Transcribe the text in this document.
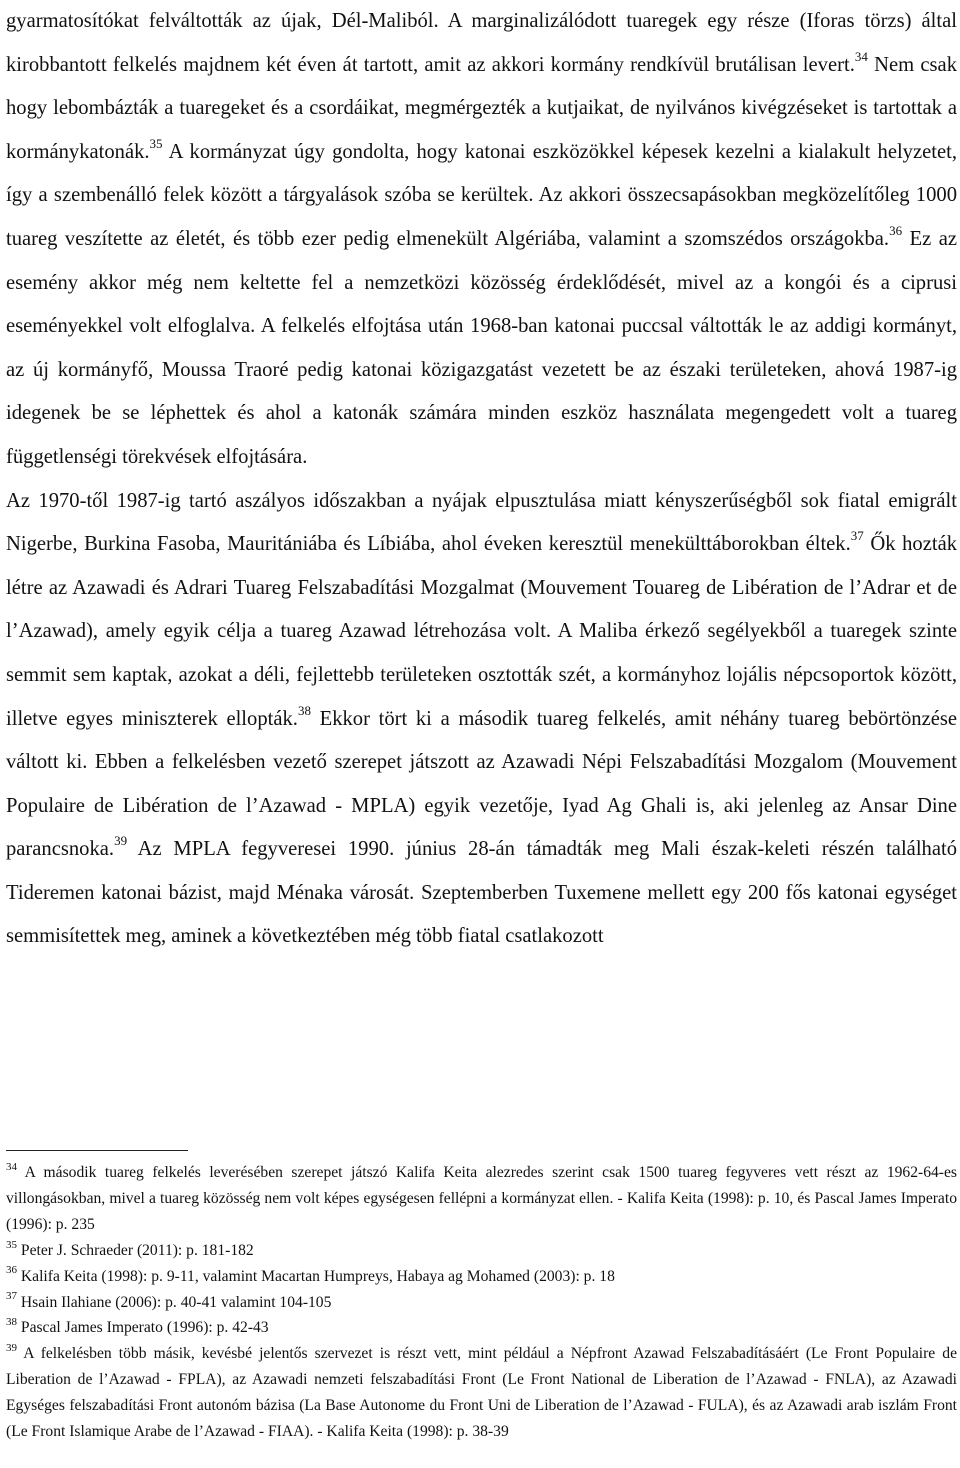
gyarmatosítókat felváltották az újak, Dél-Maliból. A marginalizálódott tuaregek egy része (Iforas törzs) által kirobbantott felkelés majdnem két éven át tartott, amit az akkori kormány rendkívül brutálisan levert.$^{34}$ Nem csak hogy lebombázták a tuaregeket és a csordáikat, megmérgezték a kutjaikat, de nyilvános kivégzéseket is tartottak a kormánykatonák.$^{35}$ A kormányzat úgy gondolta, hogy katonai eszközökkel képesek kezelni a kialakult helyzetet, így a szembenálló felek között a tárgyalások szóba se kerültek. Az akkori összecsapásokban megközelítőleg 1000 tuareg veszítette az életét, és több ezer pedig elmenekült Algériába, valamint a szomszédos országokba.$^{36}$ Ez az esemény akkor még nem keltette fel a nemzetközi közösség érdeklődését, mivel az a kongói és a ciprusi eseményekkel volt elfoglalva. A felkelés elfojtása után 1968-ban katonai puccsal váltották le az addigi kormányt, az új kormányfő, Moussa Traoré pedig katonai közigazgatást vezetett be az északi területeken, ahová 1987-ig idegenek be se léphettek és ahol a katonák számára minden eszköz használata megengedett volt a tuareg függetlenségi törekvések elfojtására.

Az 1970-től 1987-ig tartó aszályos időszakban a nyájak elpusztulása miatt kényszerűségből sok fiatal emigrált Nigerbe, Burkina Fasoba, Mauritániába és Líbiába, ahol éveken keresztül menekülttáborokban éltek.$^{37}$ Ők hozták létre az Azawadi és Adrari Tuareg Felszabadítási Mozgalmat (Mouvement Touareg de Libération de l’Adrar et de l’Azawad), amely egyik célja a tuareg Azawad létrehozása volt. A Maliba érkező segélyekből a tuaregek szinte semmit sem kaptak, azokat a déli, fejlettebb területeken osztották szét, a kormányhoz lojális népcsoportok között, illetve egyes miniszterek ellopták.$^{38}$ Ekkor tört ki a második tuareg felkelés, amit néhány tuareg bebörtönzése váltott ki. Ebben a felkelésben vezető szerepet játszott az Azawadi Népi Felszabadítási Mozgalom (Mouvement Populaire de Libération de l’Azawad - MPLA) egyik vezetője, Iyad Ag Ghali is, aki jelenleg az Ansar Dine parancsnoka.$^{39}$ Az MPLA fegyveresei 1990. június 28-án támadták meg Mali észak-keleti részén található Tideremen katonai bázist, majd Ménaka városát. Szeptemberben Tuxemene mellett egy 200 fős katonai egységet semmisítettek meg, aminek a következtében még több fiatal csatlakozott

$^{34}$ A második tuareg felkelés leverésében szerepet játszó Kalifa Keita alezredes szerint csak 1500 tuareg fegyveres vett részt az 1962-64-es villongásokban, mivel a tuareg közösség nem volt képes egységesen fellépni a kormányzat ellen. - Kalifa Keita (1998): p. 10, és Pascal James Imperato (1996): p. 235

$^{35}$ Peter J. Schraeder (2011): p. 181-182

$^{36}$ Kalifa Keita (1998): p. 9-11, valamint Macartan Humpreys, Habaya ag Mohamed (2003): p. 18

$^{37}$ Hsain Ilahiane (2006): p. 40-41 valamint 104-105

$^{38}$ Pascal James Imperato (1996): p. 42-43

$^{39}$ A felkelésben több másik, kevésbé jelentős szervezet is részt vett, mint például a Népfront Azawad Felszabadításáért (Le Front Populaire de Liberation de l’Azawad - FPLA), az Azawadi nemzeti felszabadítási Front (Le Front National de Liberation de l’Azawad - FNLA), az Azawadi Egységes felszabadítási Front autonóm bázisa (La Base Autonome du Front Uni de Liberation de l’Azawad - FULA), és az Azawadi arab iszlám Front (Le Front Islamique Arabe de l’Azawad - FIAA). - Kalifa Keita (1998): p. 38-39
